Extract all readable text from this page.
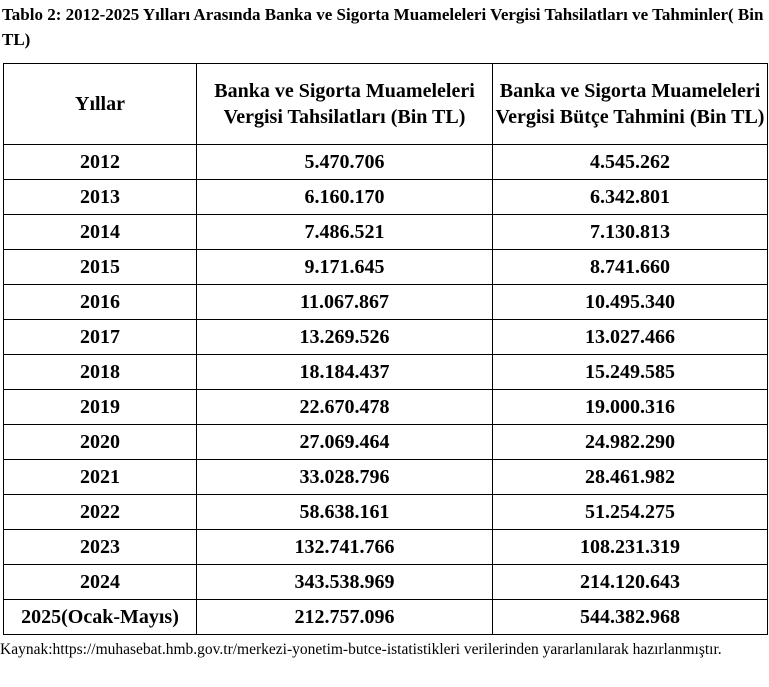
Tablo 2: 2012-2025 Yılları Arasında Banka ve Sigorta Muameleleri Vergisi Tahsilatları ve Tahminler( Bin TL)

Yıllar	Banka ve Sigorta Muameleleri Vergisi Tahsilatları (Bin TL)	Banka ve Sigorta Muameleleri Vergisi Bütçe Tahmini (Bin TL)
2012	5.470.706	4.545.262
2013	6.160.170	6.342.801
2014	7.486.521	7.130.813
2015	9.171.645	8.741.660
2016	11.067.867	10.495.340
2017	13.269.526	13.027.466
2018	18.184.437	15.249.585
2019	22.670.478	19.000.316
2020	27.069.464	24.982.290
2021	33.028.796	28.461.982
2022	58.638.161	51.254.275
2023	132.741.766	108.231.319
2024	343.538.969	214.120.643
2025(Ocak-Mayıs)	212.757.096	544.382.968

Kaynak:https://muhasebat.hmb.gov.tr/merkezi-yonetim-butce-istatistikleri verilerinden yararlanılarak hazırlanmıştır.
